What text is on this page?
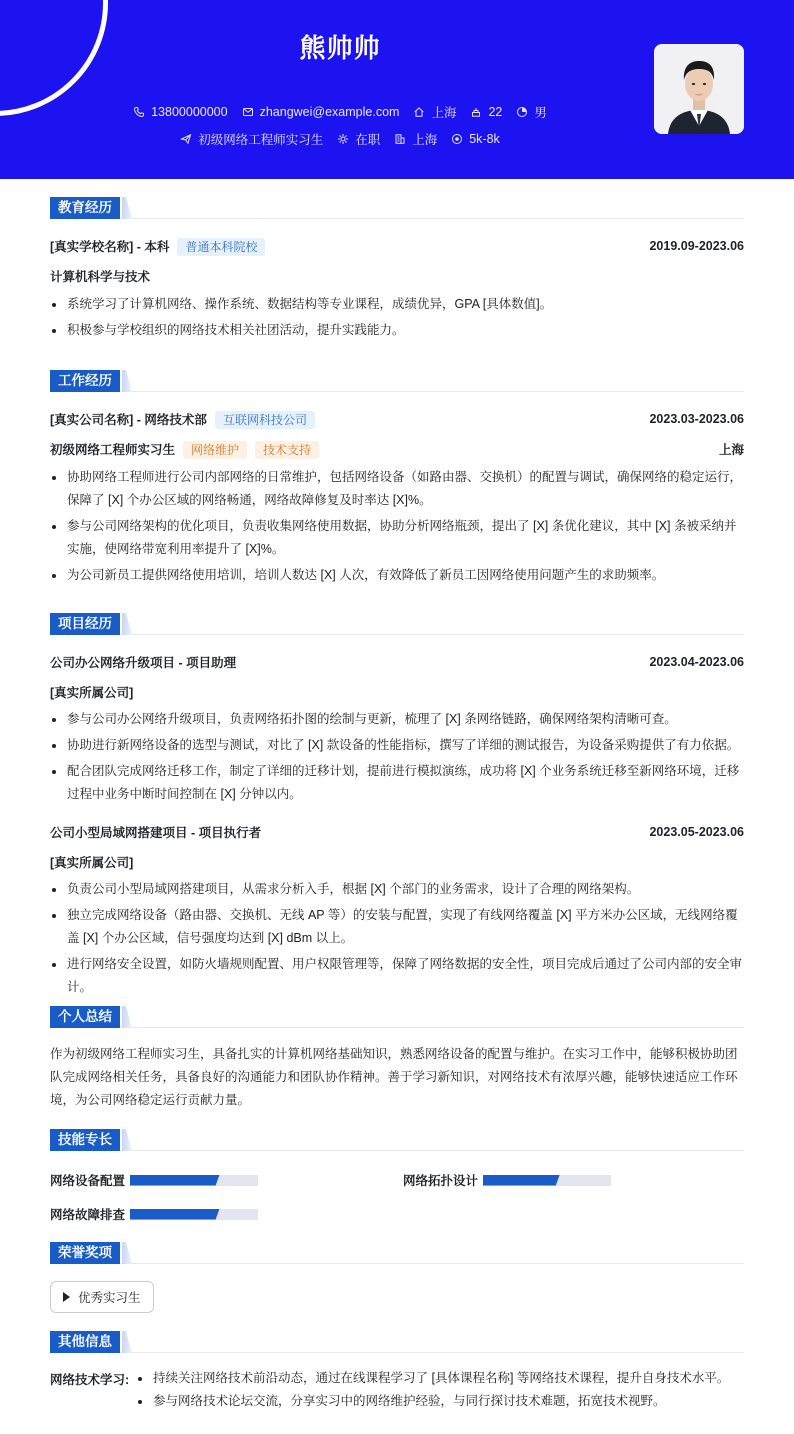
熊帅帅
13800000000	zhangwei@example.com	上海	22	男
初级网络工程师实习生	在职	上海	5k-8k
教育经历
[真实学校名称] - 本科 普通本科院校	2019.09-2023.06
计算机科学与技术
系统学习了计算机网络、操作系统、数据结构等专业课程，成绩优异，GPA [具体数值]。
积极参与学校组织的网络技术相关社团活动，提升实践能力。
工作经历
[真实公司名称] - 网络技术部 互联网科技公司	2023.03-2023.06
初级网络工程师实习生 网络维护 技术支持	上海
协助网络工程师进行公司内部网络的日常维护，包括网络设备（如路由器、交换机）的配置与调试，确保网络的稳定运行，保障了 [X] 个办公区域的网络畅通，网络故障修复及时率达 [X]%。
参与公司网络架构的优化项目，负责收集网络使用数据，协助分析网络瓶颈，提出了 [X] 条优化建议，其中 [X] 条被采纳并实施，使网络带宽利用率提升了 [X]%。
为公司新员工提供网络使用培训，培训人数达 [X] 人次，有效降低了新员工因网络使用问题产生的求助频率。
项目经历
公司办公网络升级项目 - 项目助理	2023.04-2023.06
[真实所属公司]
参与公司办公网络升级项目，负责网络拓扑图的绘制与更新，梳理了 [X] 条网络链路，确保网络架构清晰可查。
协助进行新网络设备的选型与测试，对比了 [X] 款设备的性能指标，撰写了详细的测试报告，为设备采购提供了有力依据。
配合团队完成网络迁移工作，制定了详细的迁移计划，提前进行模拟演练，成功将 [X] 个业务系统迁移至新网络环境，迁移过程中业务中断时间控制在 [X] 分钟以内。
公司小型局域网搭建项目 - 项目执行者	2023.05-2023.06
[真实所属公司]
负责公司小型局域网搭建项目，从需求分析入手，根据 [X] 个部门的业务需求，设计了合理的网络架构。
独立完成网络设备（路由器、交换机、无线 AP 等）的安装与配置，实现了有线网络覆盖 [X] 平方米办公区域，无线网络覆盖 [X] 个办公区域，信号强度均达到 [X] dBm 以上。
进行网络安全设置，如防火墙规则配置、用户权限管理等，保障了网络数据的安全性，项目完成后通过了公司内部的安全审计。
个人总结

作为初级网络工程师实习生，具备扎实的计算机网络基础知识，熟悉网络设备的配置与维护。在实习工作中，能够积极协助团队完成网络相关任务，具备良好的沟通能力和团队协作精神。善于学习新知识，对网络技术有浓厚兴趣，能够快速适应工作环境，为公司网络稳定运行贡献力量。

技能专长
网络设备配置	网络拓扑设计
网络故障排查
荣誉奖项
优秀实习生
其他信息
网络技术学习:	持续关注网络技术前沿动态，通过在线课程学习了 [具体课程名称] 等网络技术课程，提升自身技术水平。
参与网络技术论坛交流，分享实习中的网络维护经验，与同行探讨技术难题，拓宽技术视野。
